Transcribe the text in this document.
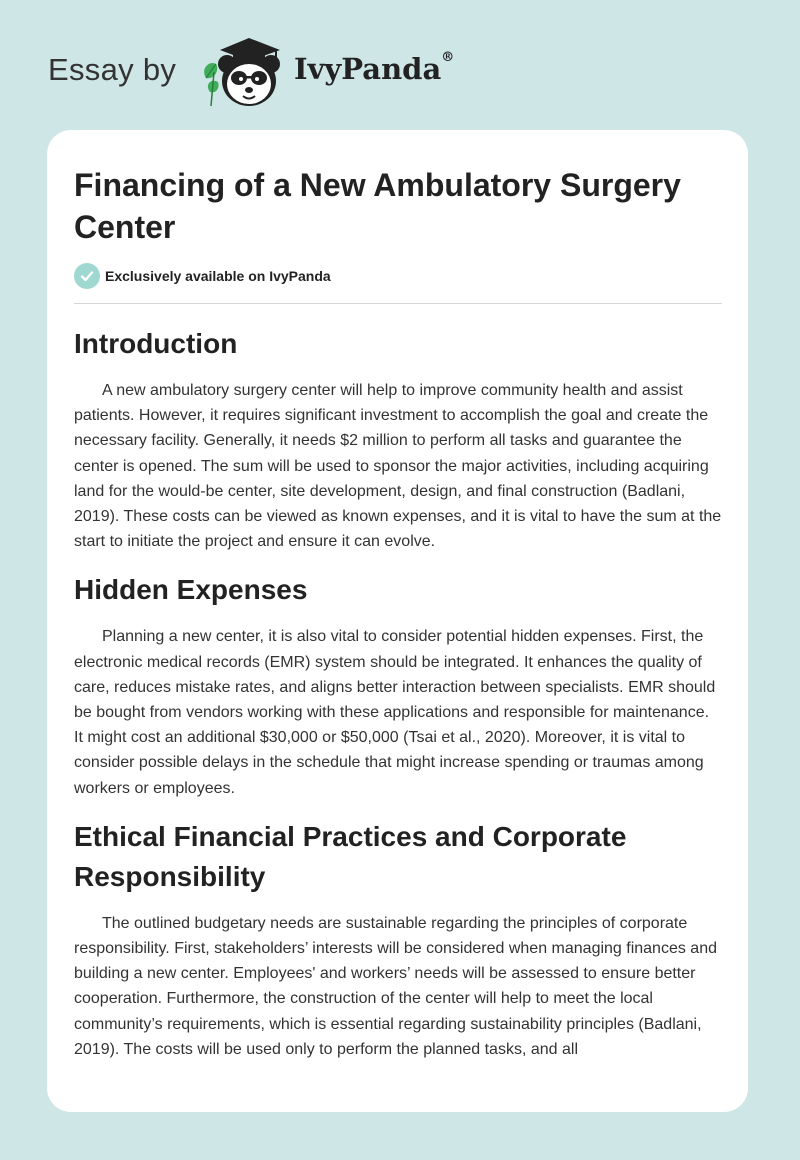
Essay by	IvyPanda®
Financing of a New Ambulatory Surgery Center
Exclusively available on IvyPanda
Introduction

A new ambulatory surgery center will help to improve community health and assist patients. However, it requires significant investment to accomplish the goal and create the necessary facility. Generally, it needs $2 million to perform all tasks and guarantee the center is opened. The sum will be used to sponsor the major activities, including acquiring land for the would-be center, site development, design, and final construction (Badlani, 2019). These costs can be viewed as known expenses, and it is vital to have the sum at the start to initiate the project and ensure it can evolve.

Hidden Expenses

Planning a new center, it is also vital to consider potential hidden expenses. First, the electronic medical records (EMR) system should be integrated. It enhances the quality of care, reduces mistake rates, and aligns better interaction between specialists. EMR should be bought from vendors working with these applications and responsible for maintenance. It might cost an additional $30,000 or $50,000 (Tsai et al., 2020). Moreover, it is vital to consider possible delays in the schedule that might increase spending or traumas among workers or employees.

Ethical Financial Practices and Corporate Responsibility

The outlined budgetary needs are sustainable regarding the principles of corporate responsibility. First, stakeholders’ interests will be considered when managing finances and building a new center. Employees' and workers’ needs will be assessed to ensure better cooperation. Furthermore, the construction of the center will help to meet the local community’s requirements, which is essential regarding sustainability principles (Badlani, 2019). The costs will be used only to perform the planned tasks, and all
